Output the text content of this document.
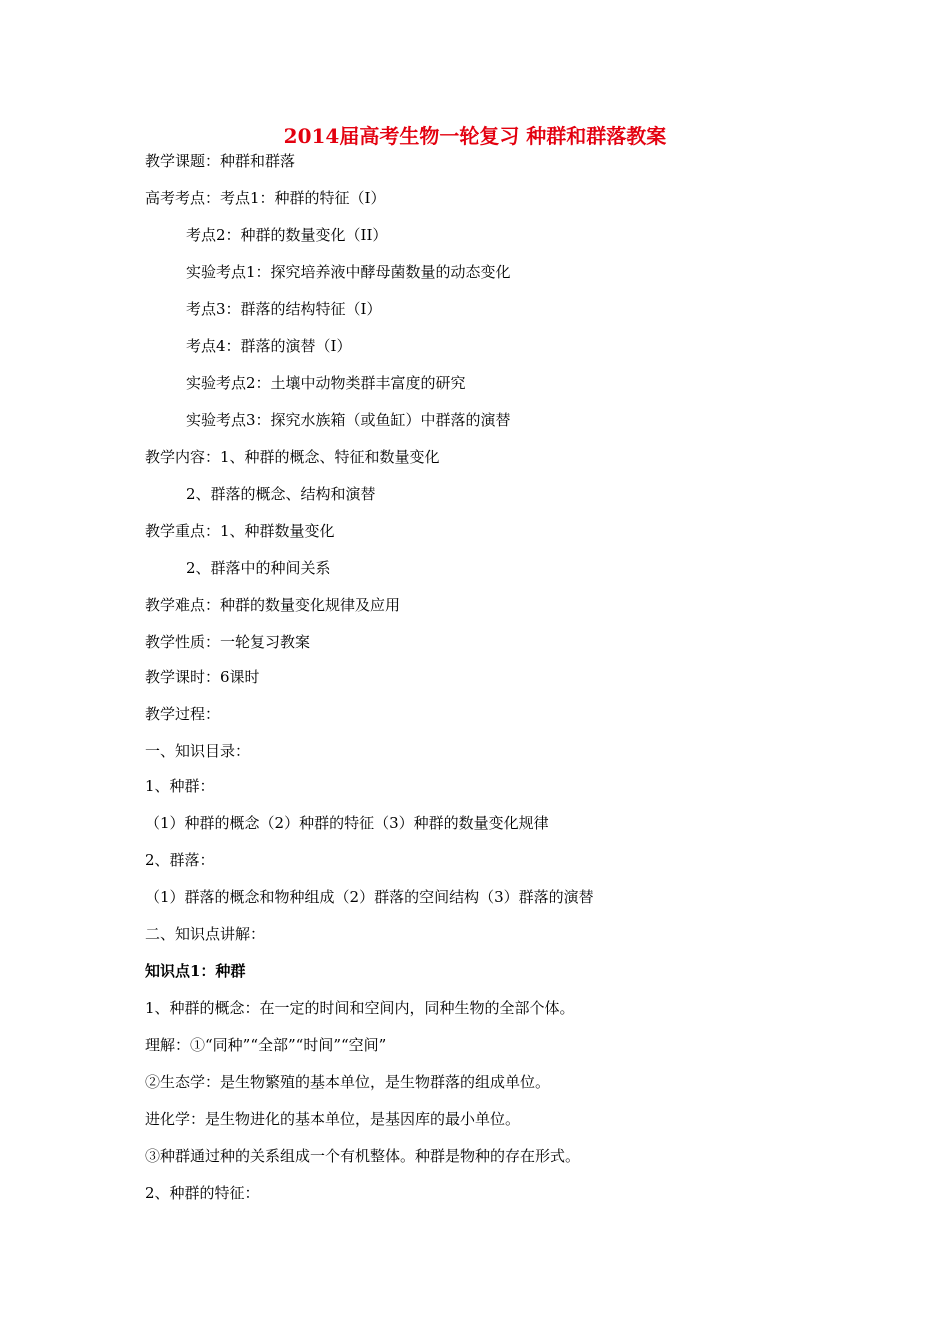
2014届高考生物一轮复习 种群和群落教案
教学课题：种群和群落
高考考点：考点1：种群的特征（I）
考点2：种群的数量变化（II）
实验考点1：探究培养液中酵母菌数量的动态变化
考点3：群落的结构特征（I）
考点4：群落的演替（I）
实验考点2：土壤中动物类群丰富度的研究
实验考点3：探究水族箱（或鱼缸）中群落的演替
教学内容：1、种群的概念、特征和数量变化
2、群落的概念、结构和演替
教学重点：1、种群数量变化
2、群落中的种间关系
教学难点：种群的数量变化规律及应用
教学性质：一轮复习教案
教学课时：6课时
教学过程：
一、知识目录：
1、种群：
（1）种群的概念（2）种群的特征（3）种群的数量变化规律
2、群落：
（1）群落的概念和物种组成（2）群落的空间结构（3）群落的演替
二、知识点讲解：
知识点1：种群
1、种群的概念：在一定的时间和空间内，同种生物的全部个体。
理解：①“同种”“全部”“时间”“空间”
②生态学：是生物繁殖的基本单位，是生物群落的组成单位。
进化学：是生物进化的基本单位，是基因库的最小单位。
③种群通过种的关系组成一个有机整体。种群是物种的存在形式。
2、种群的特征：
